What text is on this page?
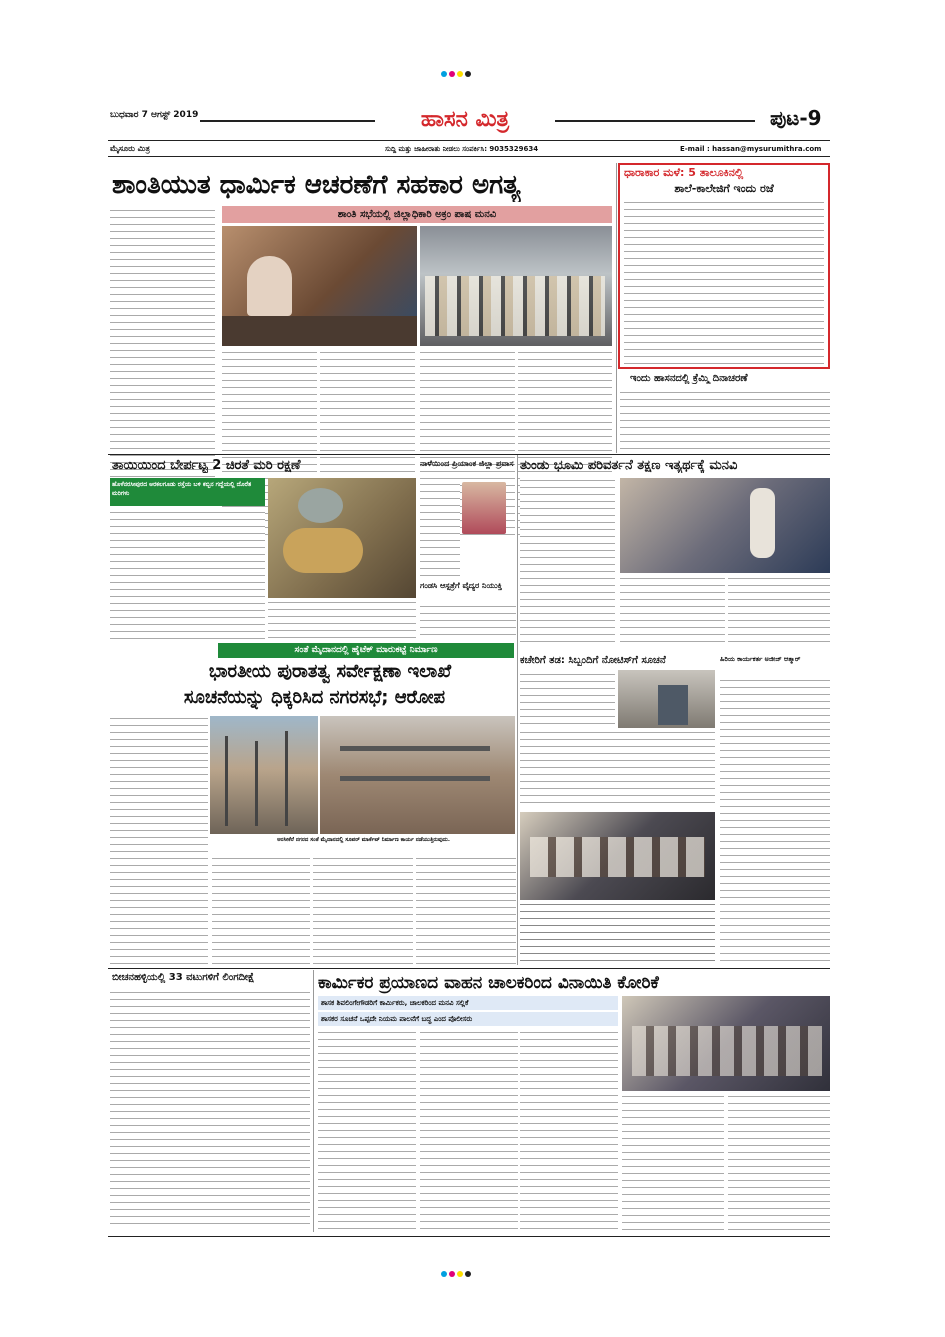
ಬುಧವಾರ 7 ಆಗಸ್ಟ್ 2019	ಹಾಸನ ಮಿತ್ರ	ಪುಟ-9
ಮೈಸೂರು ಮಿತ್ರ	ಸುದ್ದಿ ಮತ್ತು ಜಾಹೀರಾತು ನೀಡಲು ಸಂಪರ್ಕಿಸಿ: 9035329634	E-mail : hassan@mysurumithra.com
ಶಾಂತಿಯುತ ಧಾರ್ಮಿಕ ಆಚರಣೆಗೆ ಸಹಕಾರ ಅಗತ್ಯ
ಶಾಂತಿ ಸಭೆಯಲ್ಲಿ ಜಿಲ್ಲಾಧಿಕಾರಿ ಅಕ್ರಂ ಪಾಷ ಮನವಿ
ಧಾರಾಕಾರ ಮಳೆ: 5 ತಾಲೂಕಿನಲ್ಲಿ
ಶಾಲೆ-ಕಾಲೇಜಿಗೆ ಇಂದು ರಜೆ
ಇಂದು ಹಾಸನದಲ್ಲಿ ಕ್ರೆಮ್ಮಿ ದಿನಾಚರಣೆ
ತಾಯಿಯಿಂದ ಬೇರ್ಪಟ್ಟ 2 ಚಿರತೆ ಮರಿ ರಕ್ಷಣೆ
ಹೊಳೆನರಸೀಪುರದ ಅರಕಲಗೂಡು ರಸ್ತೆಯ ಬಳಿ ಕಬ್ಬಿನ ಗದ್ದೆಯಲ್ಲಿ ದೊರೆತ ಮರಿಗಳು
ನಾಳೆಯಿಂದ ಪ್ರಿಯಾಂಕ ಜಿಲ್ಲಾ ಪ್ರವಾಸ
ಗಂಡಸಿ ಆಸ್ಪತ್ರೆಗೆ ವೈದ್ಯರ ನಿಯುಕ್ತಿ
ತುಂಡು ಭೂಮಿ ಪರಿವರ್ತನೆ ತಕ್ಷಣ ಇತ್ಯರ್ಥಕ್ಕೆ ಮನವಿ
ಸಂತೆ ಮೈದಾನದಲ್ಲಿ ಹೈಟೆಕ್ ಮಾರುಕಟ್ಟೆ ನಿರ್ಮಾಣ
ಭಾರತೀಯ ಪುರಾತತ್ವ ಸರ್ವೇಕ್ಷಣಾ ಇಲಾಖೆ
ಸೂಚನೆಯನ್ನು ಧಿಕ್ಕರಿಸಿದ ನಗರಸಭೆ; ಆರೋಪ
ಅರಸೀಕೆರೆ ನಗರದ ಸಂತೆ ಮೈದಾನದಲ್ಲಿ ಸೂಪರ್ ಮಾರ್ಕೆಟ್ ನಿರ್ಮಾಣ ಕಾರ್ಯ ನಡೆಯುತ್ತಿರುವುದು.
ಕಚೇರಿಗೆ ತಡ: ಸಿಬ್ಬಂದಿಗೆ ನೋಟಿಸ್‌ಗೆ ಸೂಚನೆ	ಹಿರಿಯ ಕಾರ್ಯಕರ್ತ ಅಜೀಜ್ ಆತ್ಮಾರ್
ಬೀಚನಹಳ್ಳಿಯಲ್ಲಿ 33 ವಟುಗಳಿಗೆ ಲಿಂಗದೀಕ್ಷೆ	ಕಾರ್ಮಿಕರ ಪ್ರಯಾಣದ ವಾಹನ ಚಾಲಕರಿಂದ ವಿನಾಯಿತಿ ಕೋರಿಕೆ
ಶಾಸಕ ಶಿವಲಿಂಗೇಗೌಡರಿಗೆ ಕಾರ್ಮಿಕರು, ಚಾಲಕರಿಂದ ಮನವಿ ಸಲ್ಲಿಕೆ
ಶಾಸಕರ ಸೂಚನೆ ಒಪ್ಪದೇ ನಿಯಮ ಪಾಲನೆಗೆ ಬದ್ಧ ಎಂದ ಪೊಲೀಸರು
